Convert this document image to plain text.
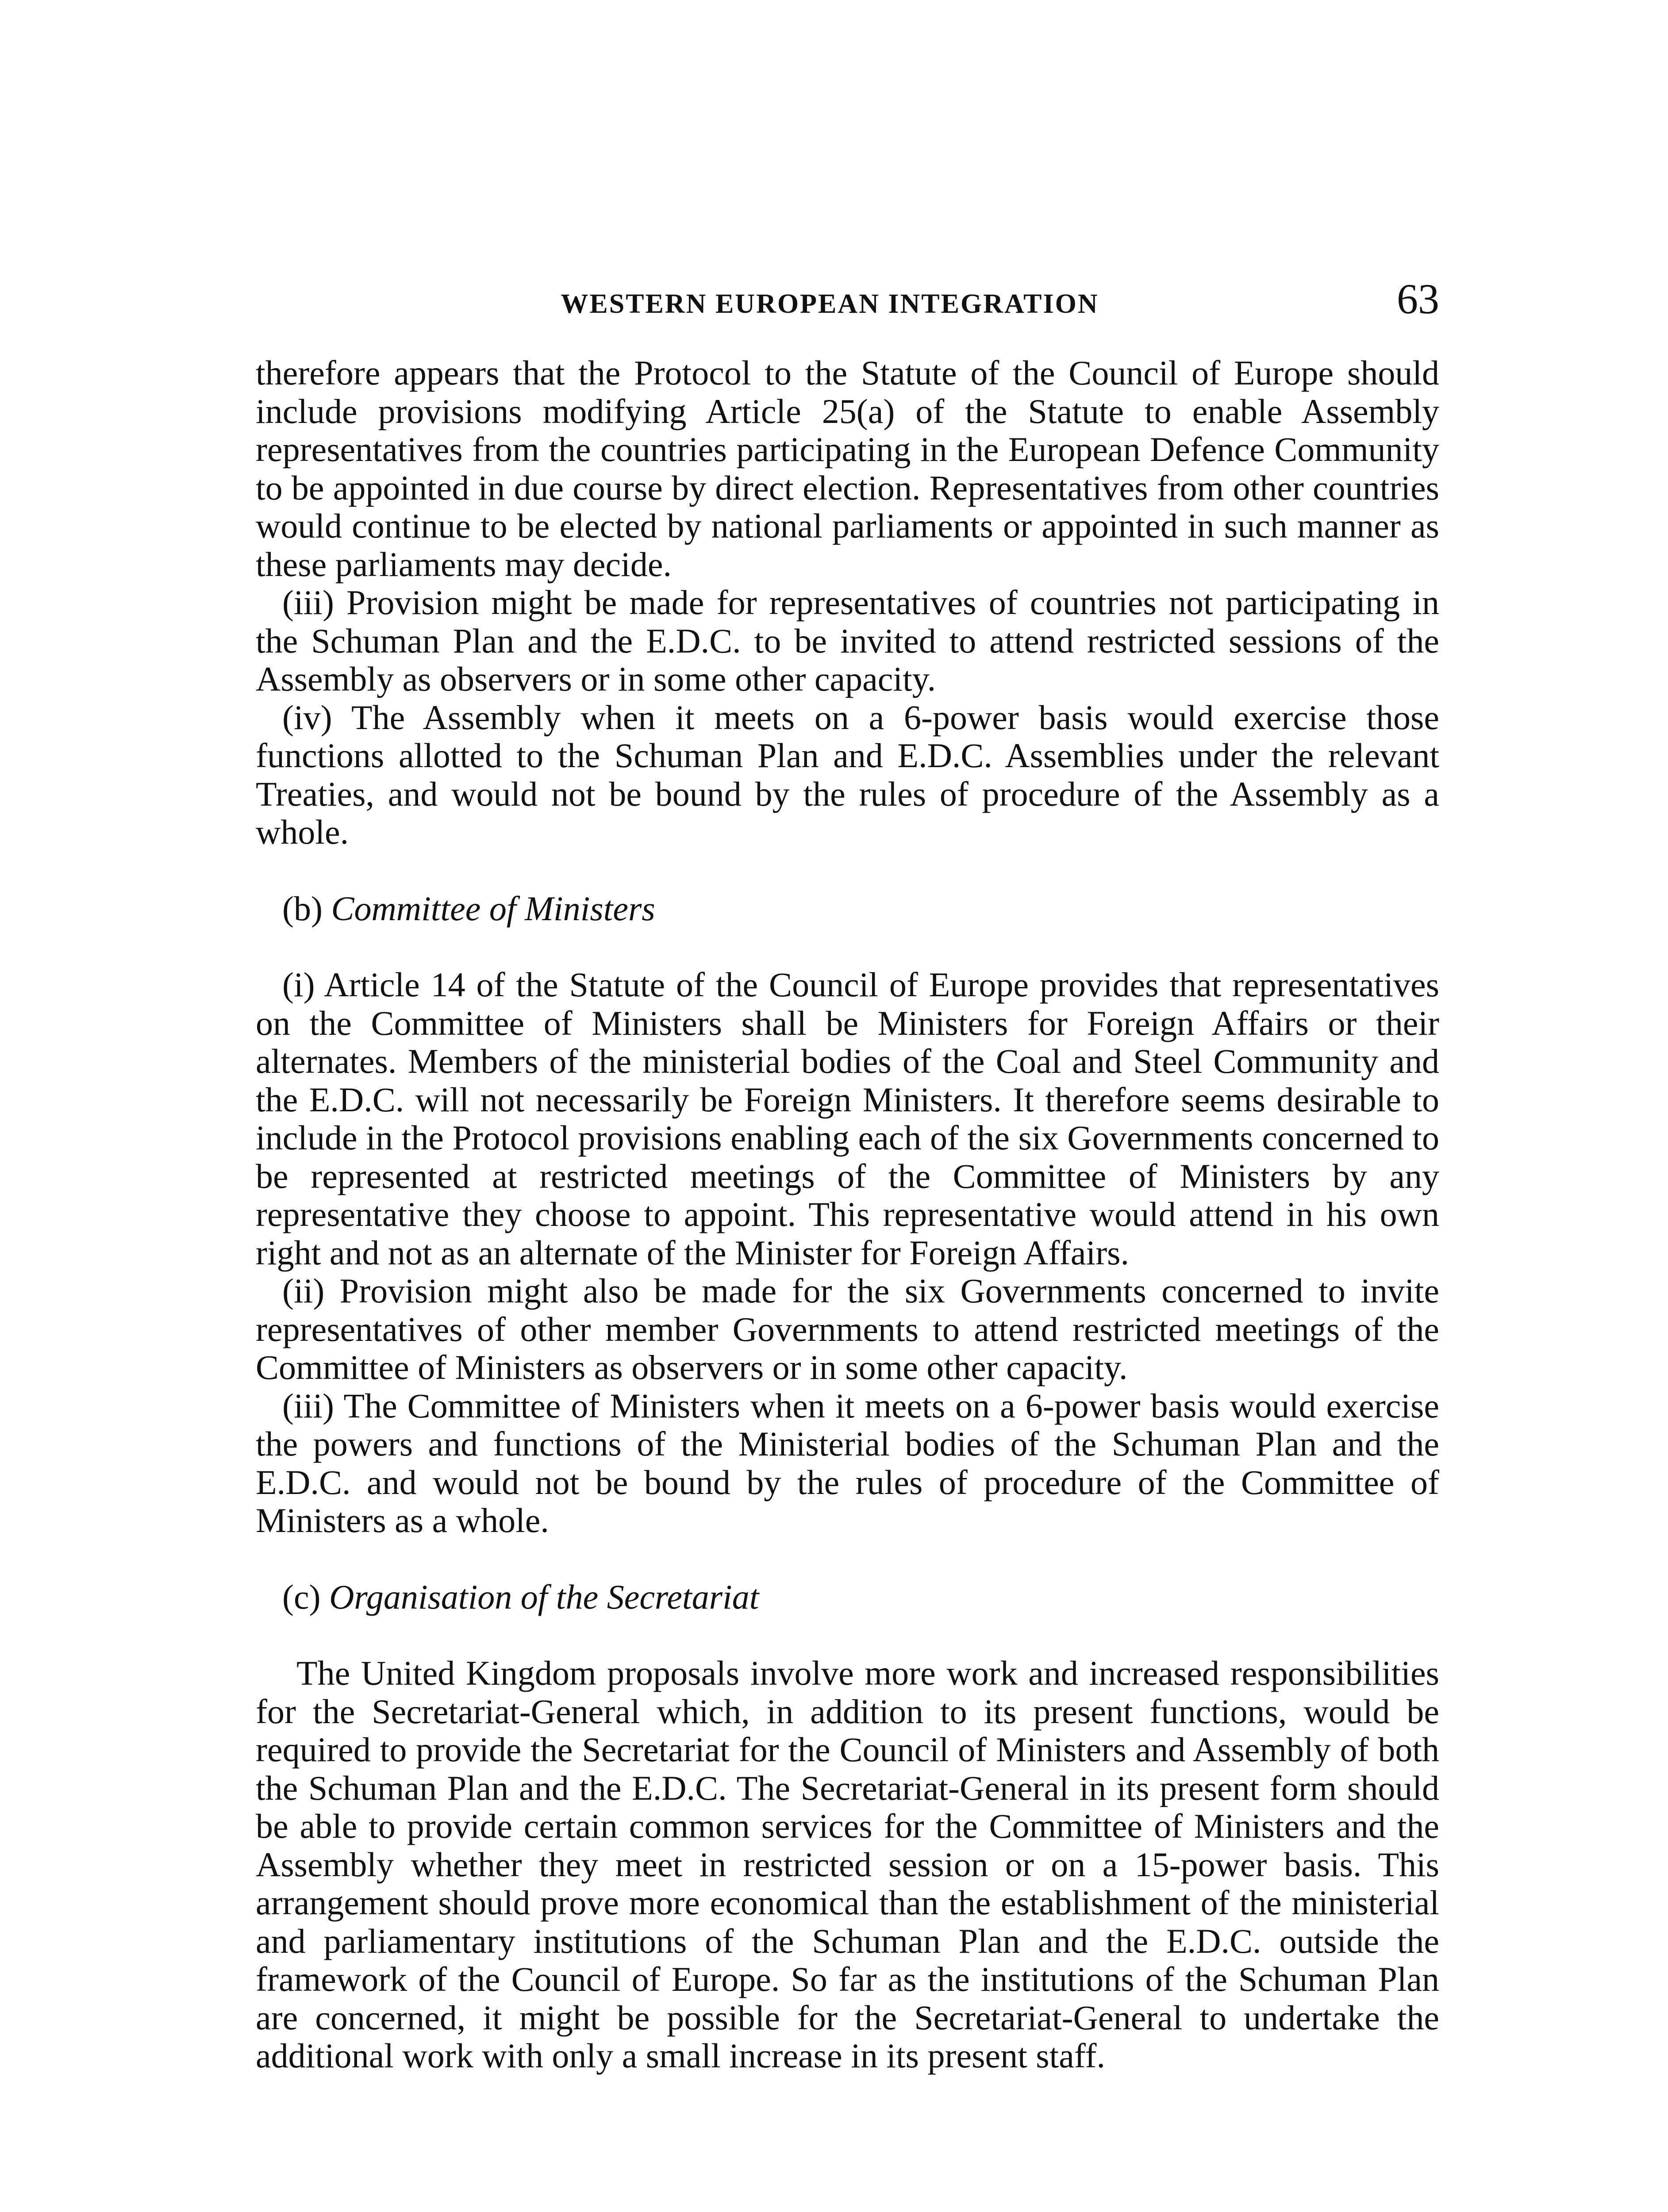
WESTERN EUROPEAN INTEGRATION	63

therefore appears that the Protocol to the Statute of the Council of Europe should include provisions modifying Article 25(a) of the Statute to enable Assembly representatives from the countries participating in the European Defence Community to be appointed in due course by direct election. Representatives from other countries would continue to be elected by national parliaments or appointed in such manner as these parliaments may decide.

(iii) Provision might be made for representatives of countries not participating in the Schuman Plan and the E.D.C. to be invited to attend restricted sessions of the Assembly as observers or in some other capacity.

(iv) The Assembly when it meets on a 6-power basis would exercise those functions allotted to the Schuman Plan and E.D.C. Assemblies under the relevant Treaties, and would not be bound by the rules of procedure of the Assembly as a whole.

(b) Committee of Ministers

(i) Article 14 of the Statute of the Council of Europe provides that representatives on the Committee of Ministers shall be Ministers for Foreign Affairs or their alternates. Members of the ministerial bodies of the Coal and Steel Community and the E.D.C. will not necessarily be Foreign Ministers. It therefore seems desirable to include in the Protocol provisions enabling each of the six Governments concerned to be represented at restricted meetings of the Committee of Ministers by any representative they choose to appoint. This representative would attend in his own right and not as an alternate of the Minister for Foreign Affairs.

(ii) Provision might also be made for the six Governments concerned to invite representatives of other member Governments to attend restricted meetings of the Committee of Ministers as observers or in some other capacity.

(iii) The Committee of Ministers when it meets on a 6-power basis would exercise the powers and functions of the Ministerial bodies of the Schuman Plan and the E.D.C. and would not be bound by the rules of procedure of the Committee of Ministers as a whole.

(c) Organisation of the Secretariat

The United Kingdom proposals involve more work and increased responsibilities for the Secretariat-General which, in addition to its present functions, would be required to provide the Secretariat for the Council of Ministers and Assembly of both the Schuman Plan and the E.D.C. The Secretariat-General in its present form should be able to provide certain common services for the Committee of Ministers and the Assembly whether they meet in restricted session or on a 15-power basis. This arrangement should prove more economical than the establishment of the ministerial and parliamentary institutions of the Schuman Plan and the E.D.C. outside the framework of the Council of Europe. So far as the institutions of the Schuman Plan are concerned, it might be possible for the Secretariat-General to undertake the additional work with only a small increase in its present staff.
